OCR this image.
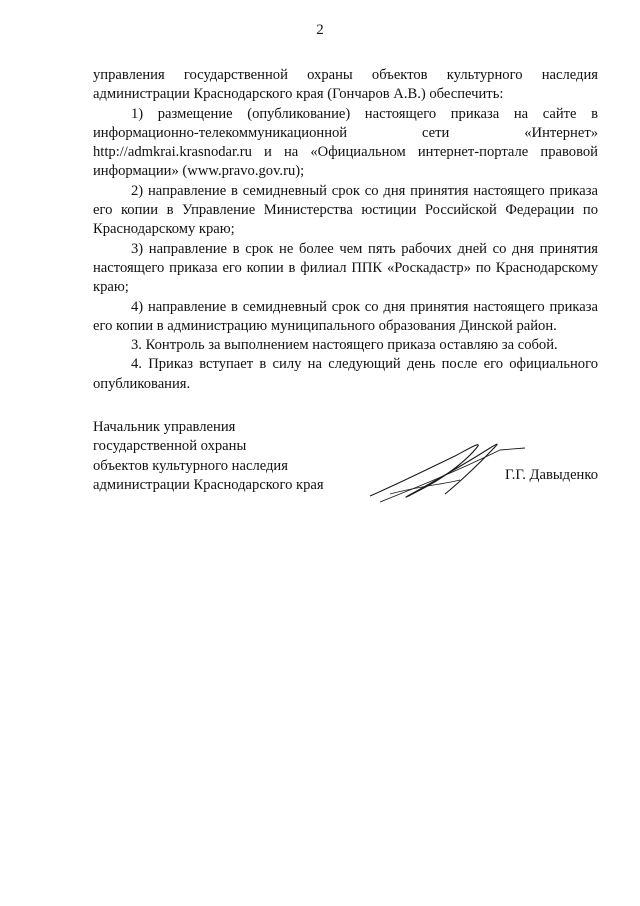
2

управления государственной охраны объектов культурного наследия администрации Краснодарского края (Гончаров А.В.) обеспечить:

1) размещение (опубликование) настоящего приказа на сайте в информационно-телекоммуникационной сети «Интернет» http://admkrai.krasnodar.ru и на «Официальном интернет-портале правовой информации» (www.pravo.gov.ru);

2) направление в семидневный срок со дня принятия настоящего приказа его копии в Управление Министерства юстиции Российской Федерации по Краснодарскому краю;

3) направление в срок не более чем пять рабочих дней со дня принятия настоящего приказа его копии в филиал ППК «Роскадастр» по Краснодарскому краю;

4) направление в семидневный срок со дня принятия настоящего приказа его копии в администрацию муниципального образования Динской район.

3. Контроль за выполнением настоящего приказа оставляю за собой.

4. Приказ вступает в силу на следующий день после его официального опубликования.

Начальник управления
государственной охраны
объектов культурного наследия
администрации Краснодарского края
Г.Г. Давыденко
